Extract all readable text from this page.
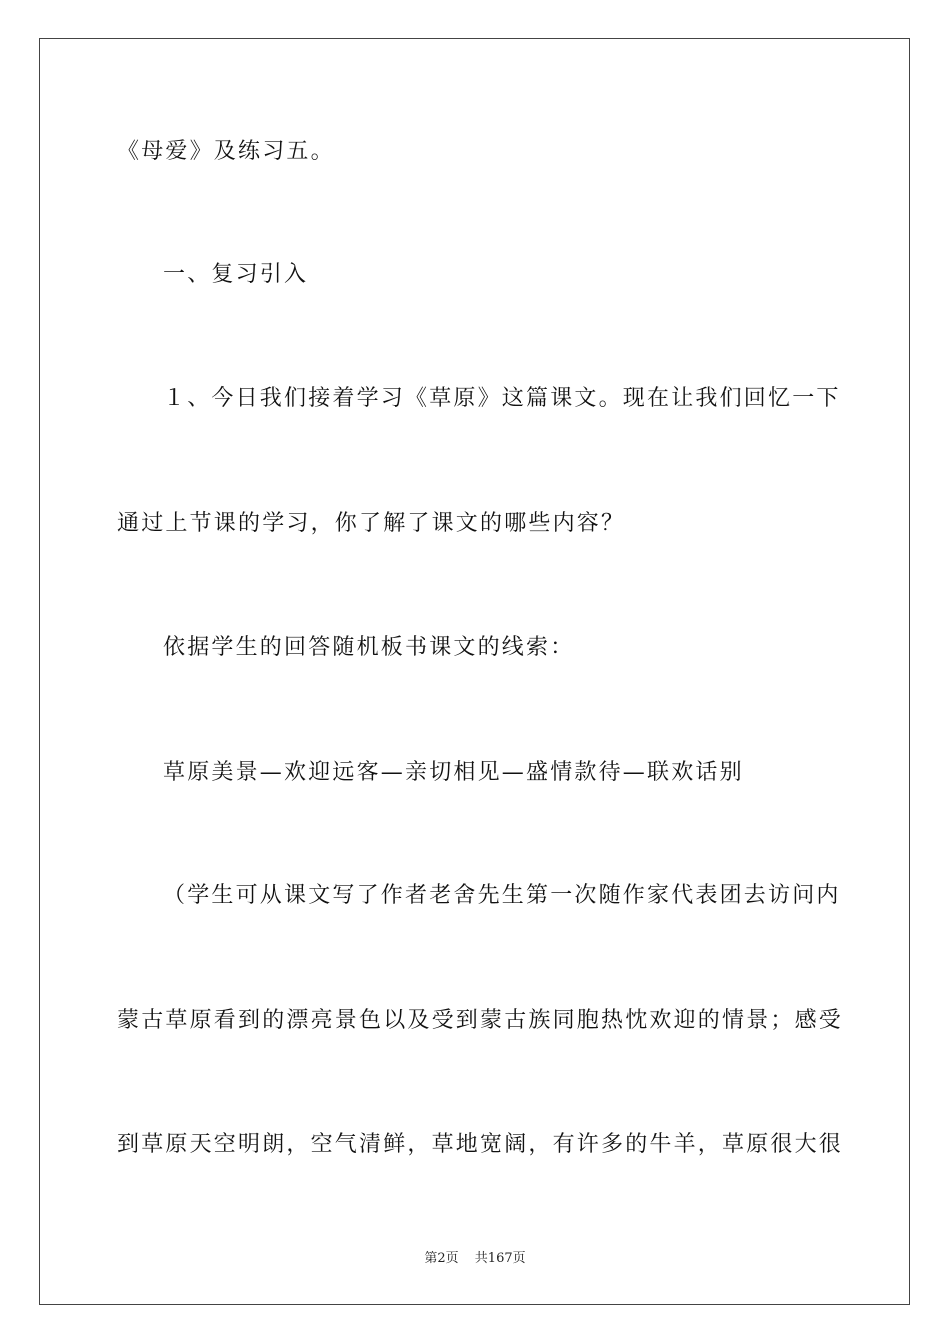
《母爱》及练习五。
一、复习引入
１、今日我们接着学习《草原》这篇课文。现在让我们回忆一下
通过上节课的学习，你了解了课文的哪些内容？
依据学生的回答随机板书课文的线索：
草原美景—欢迎远客—亲切相见—盛情款待—联欢话别
（学生可从课文写了作者老舍先生第一次随作家代表团去访问内
蒙古草原看到的漂亮景色以及受到蒙古族同胞热忱欢迎的情景；感受
到草原天空明朗，空气清鲜，草地宽阔，有许多的牛羊，草原很大很
第2页 共167页
